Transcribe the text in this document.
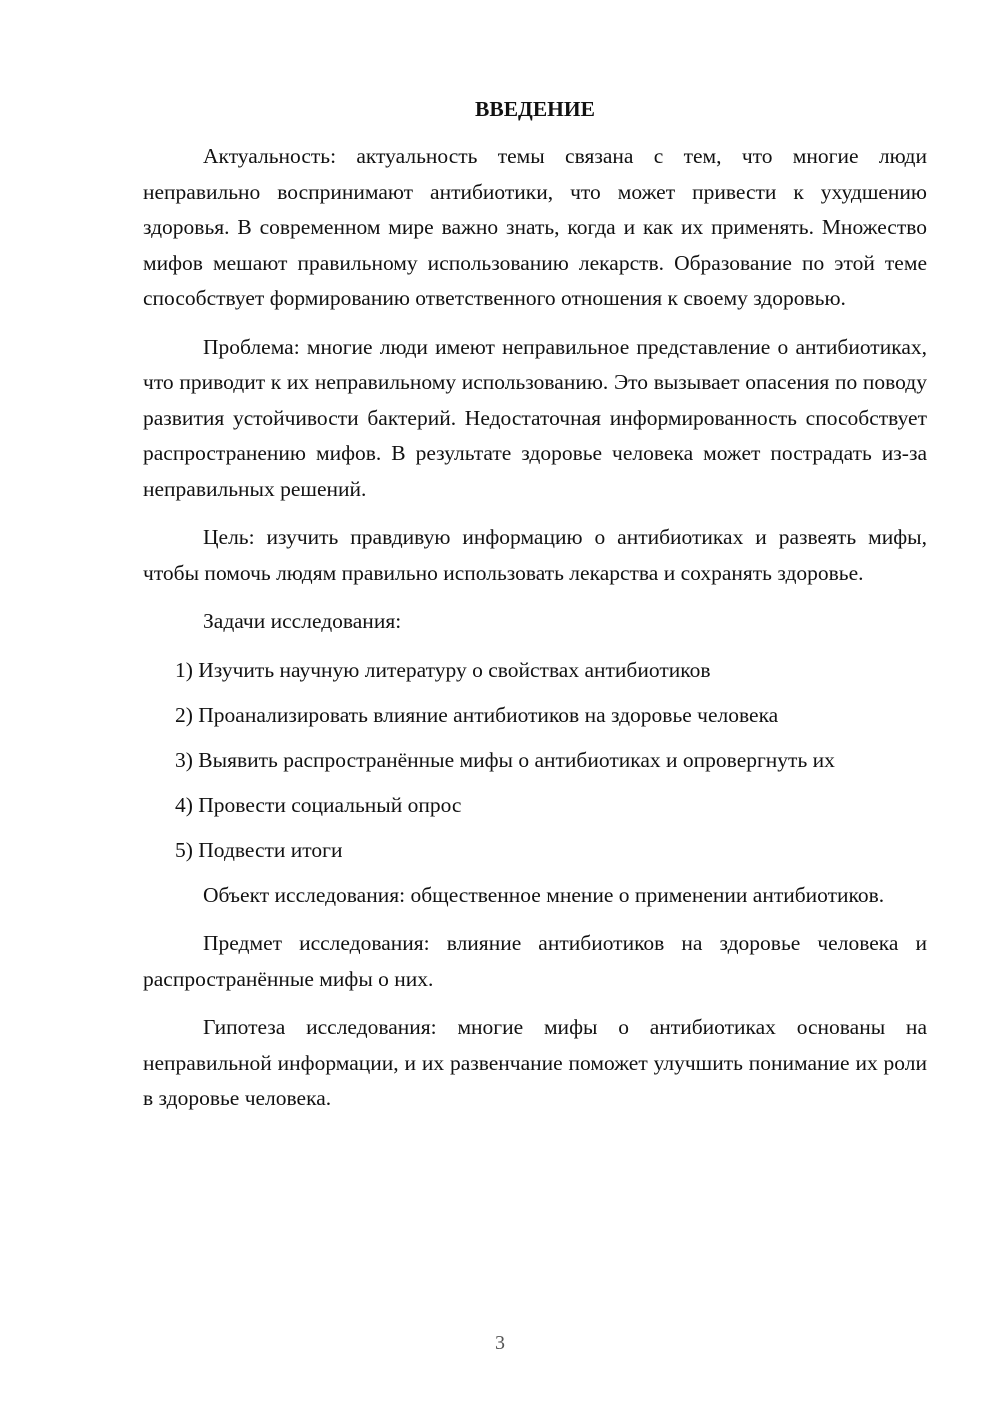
ВВЕДЕНИЕ

Актуальность: актуальность темы связана с тем, что многие люди неправильно воспринимают антибиотики, что может привести к ухудшению здоровья. В современном мире важно знать, когда и как их применять. Множество мифов мешают правильному использованию лекарств. Образование по этой теме способствует формированию ответственного отношения к своему здоровью.

Проблема: многие люди имеют неправильное представление о антибиотиках, что приводит к их неправильному использованию. Это вызывает опасения по поводу развития устойчивости бактерий. Недостаточная информированность способствует распространению мифов. В результате здоровье человека может пострадать из-за неправильных решений.

Цель: изучить правдивую информацию о антибиотиках и развеять мифы, чтобы помочь людям правильно использовать лекарства и сохранять здоровье.

Задачи исследования:

1) Изучить научную литературу о свойствах антибиотиков

2) Проанализировать влияние антибиотиков на здоровье человека

3) Выявить распространённые мифы о антибиотиках и опровергнуть их

4) Провести социальный опрос

5) Подвести итоги

Объект исследования: общественное мнение о применении антибиотиков.

Предмет исследования: влияние антибиотиков на здоровье человека и распространённые мифы о них.

Гипотеза исследования: многие мифы о антибиотиках основаны на неправильной информации, и их развенчание поможет улучшить понимание их роли в здоровье человека.

3
